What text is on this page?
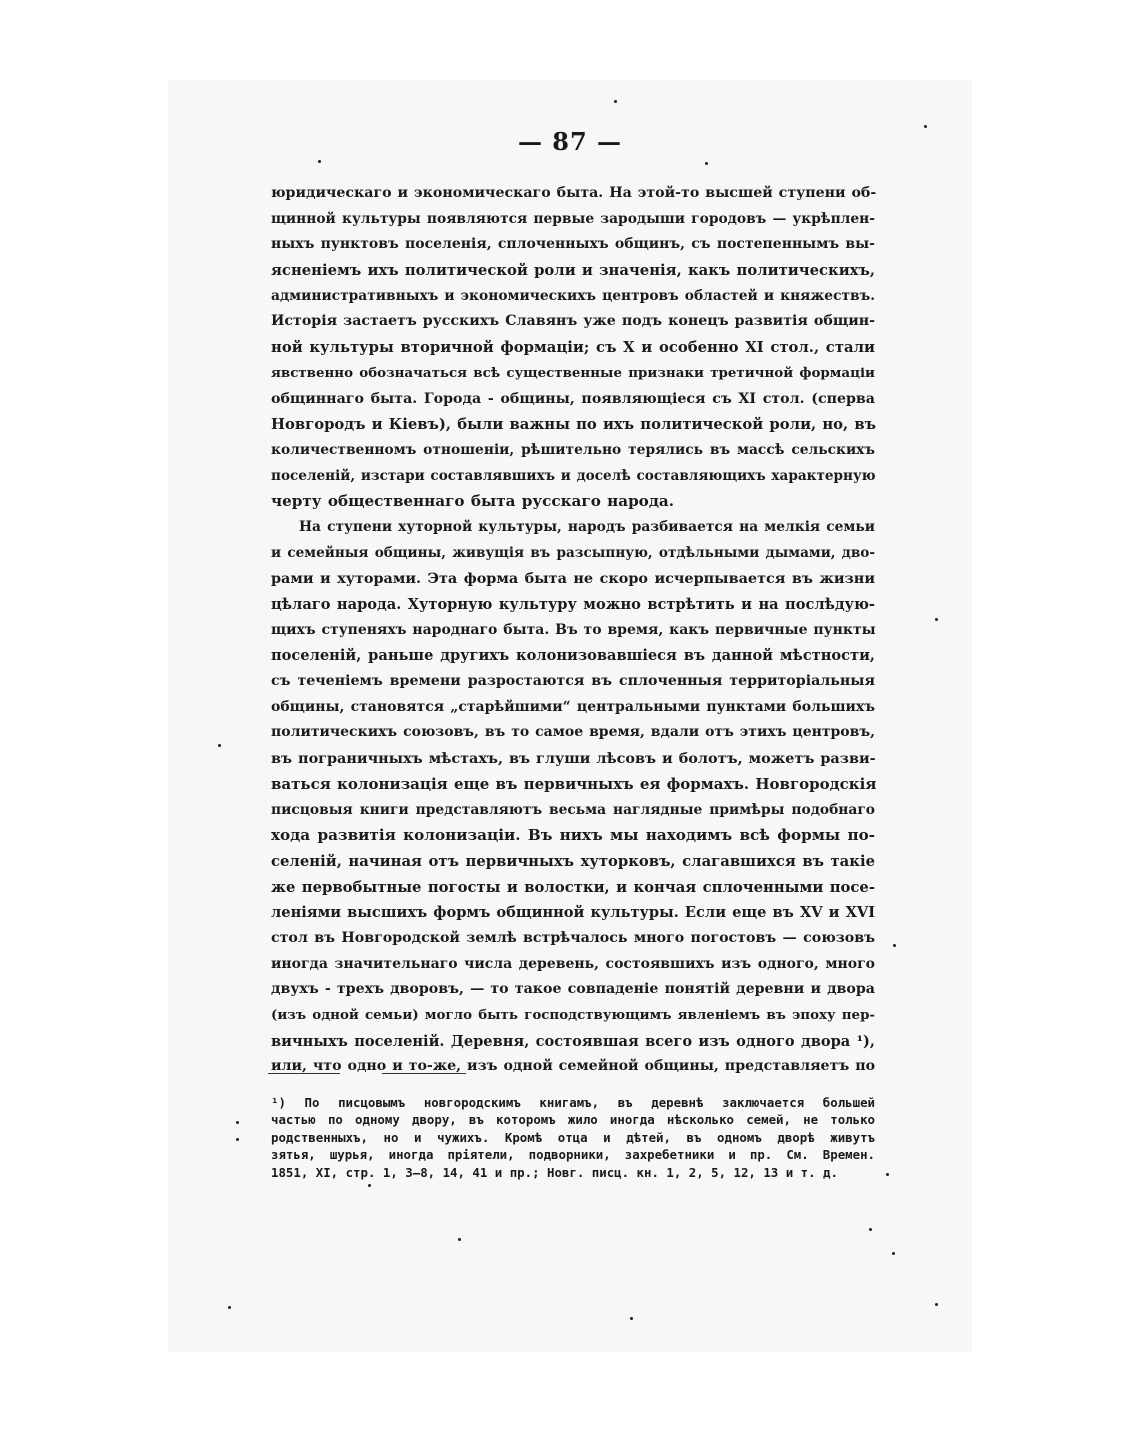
— 87 —
юридическаго и экономическаго быта. На этой-то высшей ступени об-
щинной культуры появляются первые зародыши городовъ — укрѣплен-
ныхъ пунктовъ поселенія, сплоченныхъ общинъ, съ постепеннымъ вы-
ясненіемъ ихъ политической роли и значенія, какъ политическихъ,
административныхъ и экономическихъ центровъ областей и княжествъ.
Исторія застаетъ русскихъ Славянъ уже подъ конецъ развитія общин-
ной культуры вторичной формаціи; съ X и особенно XI стол., стали
явственно обозначаться всѣ существенные признаки третичной формаціи
общиннаго быта. Города - общины, появляющіеся съ XI стол. (сперва
Новгородъ и Кіевъ), были важны по ихъ политической роли, но, въ
количественномъ отношеніи, рѣшительно терялись въ массѣ сельскихъ
поселеній, изстари составлявшихъ и доселѣ составляющихъ характерную
черту общественнаго быта русскаго народа.
На ступени хуторной культуры, народъ разбивается на мелкія семьи
и семейныя общины, живущія въ разсыпную, отдѣльными дымами, дво-
рами и хуторами. Эта форма быта не скоро исчерпывается въ жизни
цѣлаго народа. Хуторную культуру можно встрѣтить и на послѣдую-
щихъ ступеняхъ народнаго быта. Въ то время, какъ первичные пункты
поселеній, раньше другихъ колонизовавшіеся въ данной мѣстности,
съ теченіемъ времени разростаются въ сплоченныя территоріальныя
общины, становятся „старѣйшими“ центральными пунктами большихъ
политическихъ союзовъ, въ то самое время, вдали отъ этихъ центровъ,
въ пограничныхъ мѣстахъ, въ глуши лѣсовъ и болотъ, можетъ разви-
ваться колонизація еще въ первичныхъ ея формахъ. Новгородскія
писцовыя книги представляютъ весьма наглядные примѣры подобнаго
хода развитія колонизаціи. Въ нихъ мы находимъ всѣ формы по-
селеній, начиная отъ первичныхъ хуторковъ, слагавшихся въ такіе
же первобытные погосты и волостки, и кончая сплоченными посе-
леніями высшихъ формъ общинной культуры. Если еще въ XV и XVI
стол въ Новгородской землѣ встрѣчалось много погостовъ — союзовъ
иногда значительнаго числа деревень, состоявшихъ изъ одного, много
двухъ - трехъ дворовъ, — то такое совпаденіе понятій деревни и двора
(изъ одной семьи) могло быть господствующимъ явленіемъ въ эпоху пер-
вичныхъ поселеній. Деревня, состоявшая всего изъ одного двора ¹),
или, что одно и то-же, изъ одной семейной общины, представляетъ по
¹) По писцовымъ новгородскимъ книгамъ, въ деревнѣ заключается большей
частью по одному двору, въ которомъ жило иногда нѣсколько семей, не только
родственныхъ, но и чужихъ. Кромѣ отца и дѣтей, въ одномъ дворѣ живутъ
зятья, шурья, иногда пріятели, подворники, захребетники и пр. См. Времен.
1851, XI, стр. 1, 3—8, 14, 41 и пр.; Новг. писц. кн. 1, 2, 5, 12, 13 и т. д.
